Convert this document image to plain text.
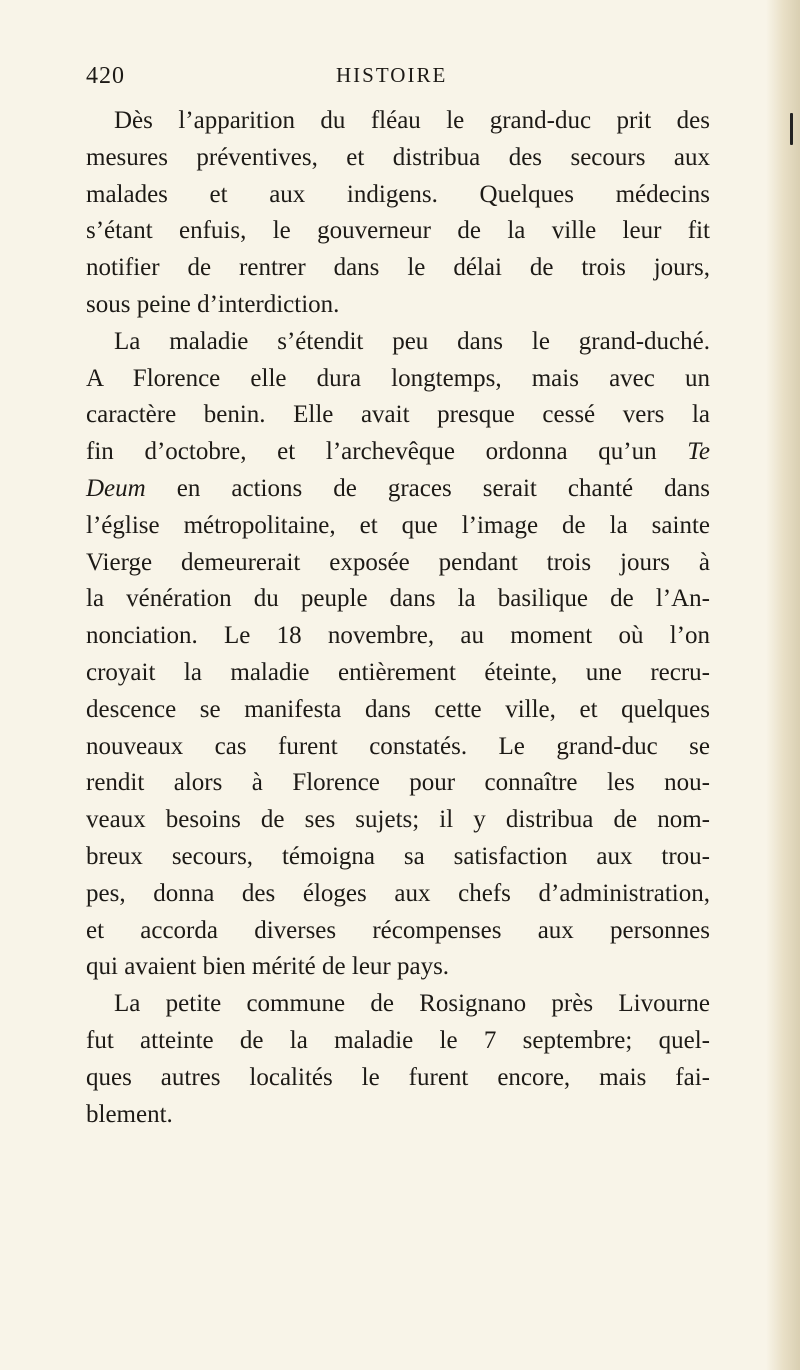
420	HISTOIRE
Dès l’apparition du fléau le grand-duc prit des
mesures préventives, et distribua des secours aux
malades et aux indigens. Quelques médecins
s’étant enfuis, le gouverneur de la ville leur fit
notifier de rentrer dans le délai de trois jours,
sous peine d’interdiction.
La maladie s’étendit peu dans le grand-duché.
A Florence elle dura longtemps, mais avec un
caractère benin. Elle avait presque cessé vers la
fin d’octobre, et l’archevêque ordonna qu’un Te
Deum en actions de graces serait chanté dans
l’église métropolitaine, et que l’image de la sainte
Vierge demeurerait exposée pendant trois jours à
la vénération du peuple dans la basilique de l’An-
nonciation. Le 18 novembre, au moment où l’on
croyait la maladie entièrement éteinte, une recru-
descence se manifesta dans cette ville, et quelques
nouveaux cas furent constatés. Le grand-duc se
rendit alors à Florence pour connaître les nou-
veaux besoins de ses sujets; il y distribua de nom-
breux secours, témoigna sa satisfaction aux trou-
pes, donna des éloges aux chefs d’administration,
et accorda diverses récompenses aux personnes
qui avaient bien mérité de leur pays.
La petite commune de Rosignano près Livourne
fut atteinte de la maladie le 7 septembre; quel-
ques autres localités le furent encore, mais fai-
blement.
